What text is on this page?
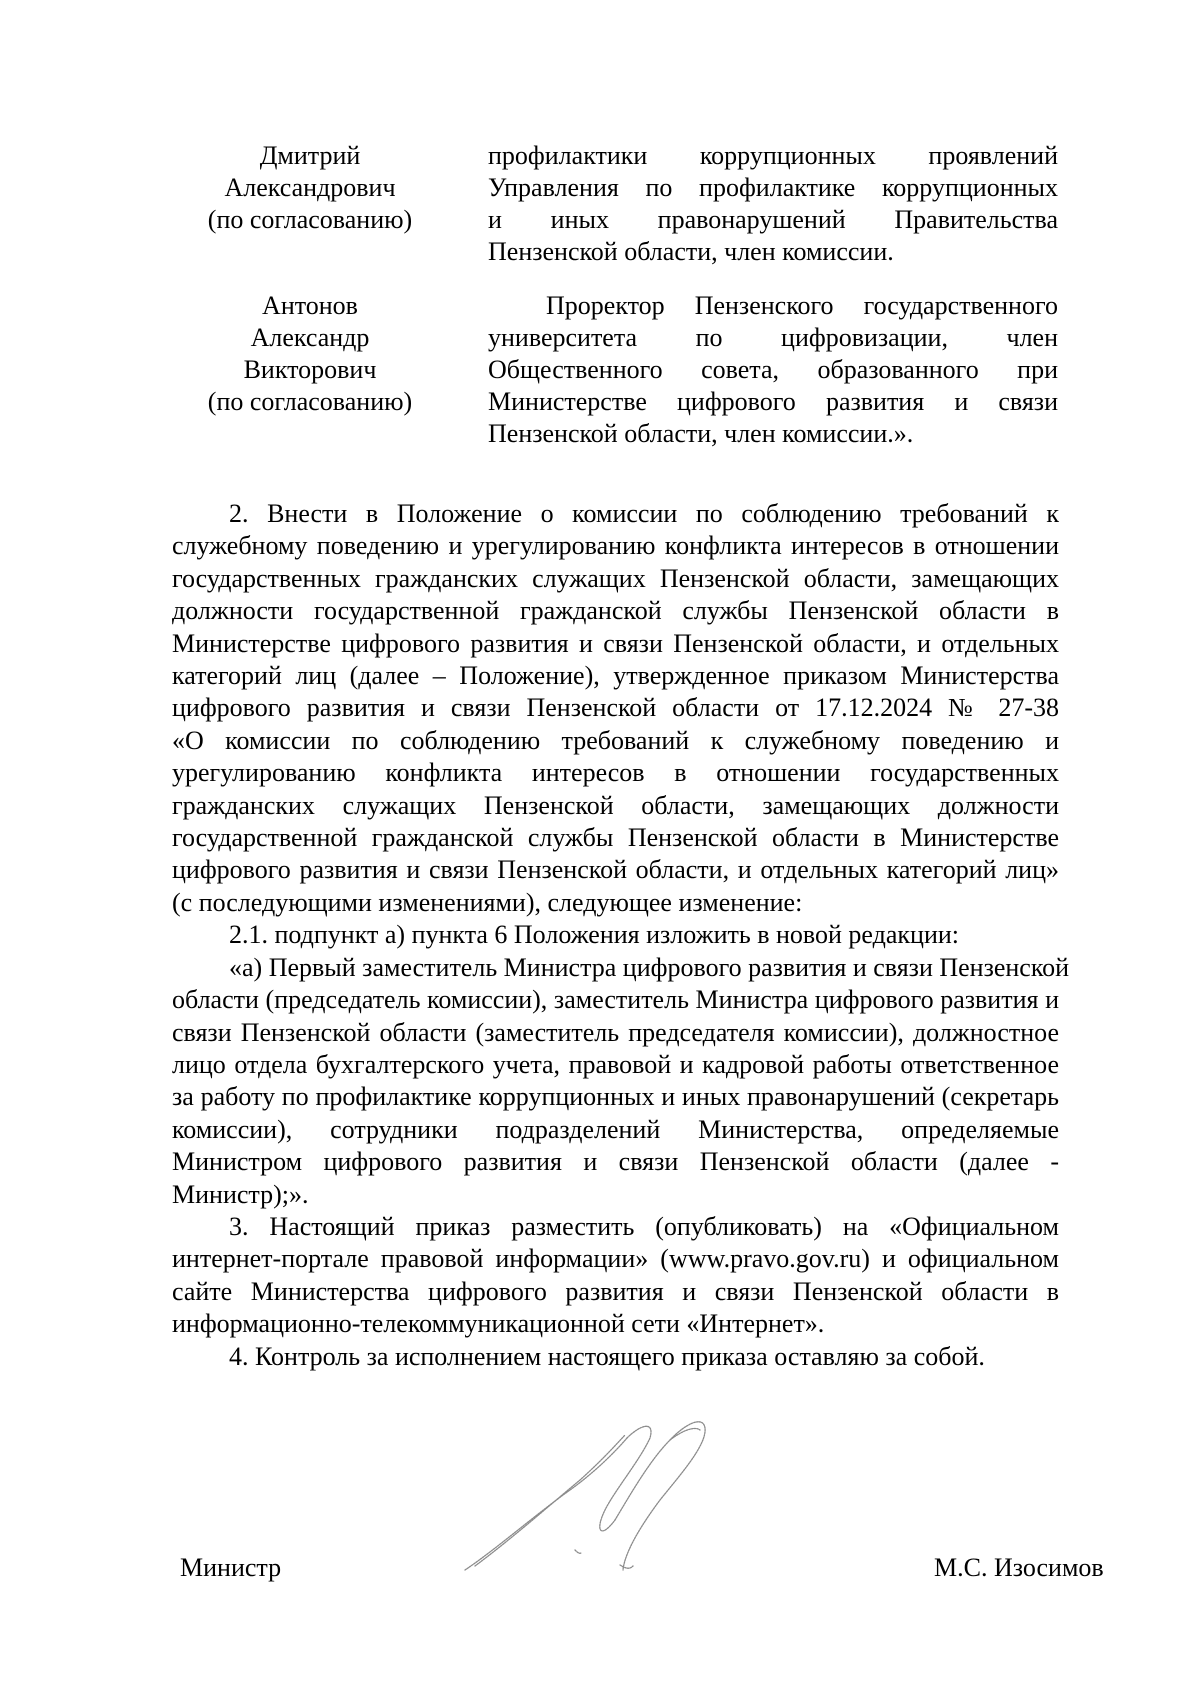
Дмитрий
Александрович
(по согласованию)
профилактики коррупционных проявлений
Управления по профилактике коррупционных
и иных правонарушений Правительства
Пензенской области, член комиссии.
Антонов
Александр
Викторович
(по согласованию)
Проректор Пензенского государственного
университета по цифровизации, член
Общественного совета, образованного при
Министерстве цифрового развития и связи
Пензенской области, член комиссии.».
2. Внести в Положение о комиссии по соблюдению требований к
служебному поведению и урегулированию конфликта интересов в отношении
государственных гражданских служащих Пензенской области, замещающих
должности государственной гражданской службы Пензенской области в
Министерстве цифрового развития и связи Пензенской области, и отдельных
категорий лиц (далее – Положение), утвержденное приказом Министерства
цифрового развития и связи Пензенской области от 17.12.2024 № 27-38
«О комиссии по соблюдению требований к служебному поведению и
урегулированию конфликта интересов в отношении государственных
гражданских служащих Пензенской области, замещающих должности
государственной гражданской службы Пензенской области в Министерстве
цифрового развития и связи Пензенской области, и отдельных категорий лиц»
(с последующими изменениями), следующее изменение:
2.1. подпункт а) пункта 6 Положения изложить в новой редакции:
«а) Первый заместитель Министра цифрового развития и связи Пензенской
области (председатель комиссии), заместитель Министра цифрового развития и
связи Пензенской области (заместитель председателя комиссии), должностное
лицо отдела бухгалтерского учета, правовой и кадровой работы ответственное
за работу по профилактике коррупционных и иных правонарушений (секретарь
комиссии), сотрудники подразделений Министерства, определяемые
Министром цифрового развития и связи Пензенской области (далее -
Министр);».
3. Настоящий приказ разместить (опубликовать) на «Официальном
интернет-портале правовой информации» (www.pravo.gov.ru) и официальном
сайте Министерства цифрового развития и связи Пензенской области в
информационно-телекоммуникационной сети «Интернет».
4. Контроль за исполнением настоящего приказа оставляю за собой.
Министр	М.С. Изосимов
